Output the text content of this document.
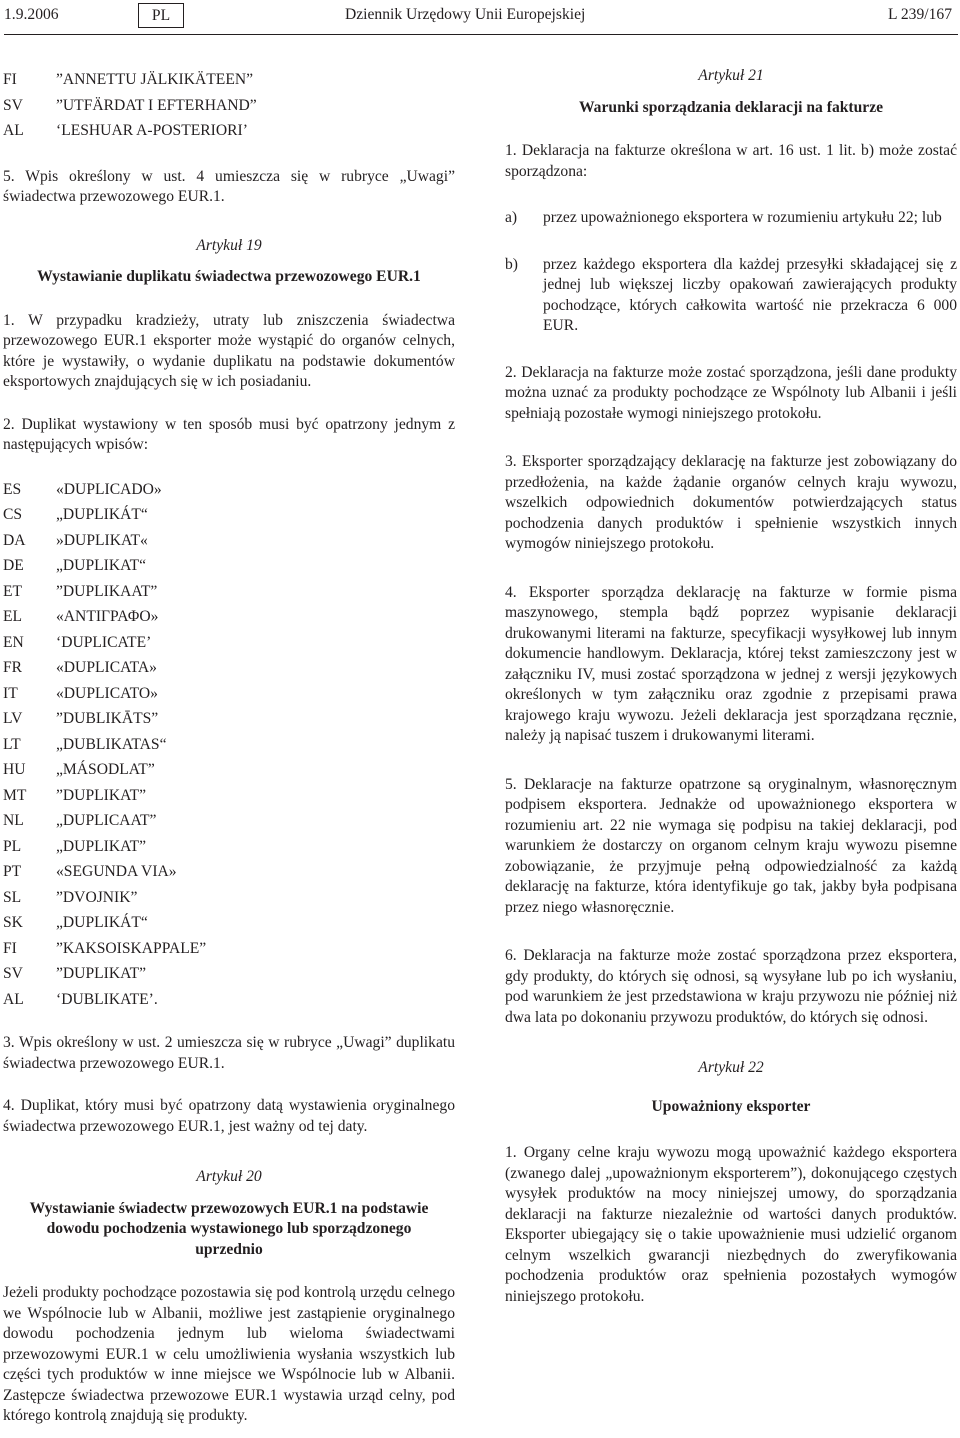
1.9.2006	PL	Dziennik Urzędowy Unii Europejskiej	L 239/167
FI	”ANNETTU JÄLKIKÄTEEN”
SV	”UTFÄRDAT I EFTERHAND”
AL	‘LESHUAR A-POSTERIORI’

5. Wpis określony w ust. 4 umieszcza się w rubryce „Uwagi” świadectwa przewozowego EUR.1.

Artykuł 19
Wystawianie duplikatu świadectwa przewozowego EUR.1

1. W przypadku kradzieży, utraty lub zniszczenia świadectwa przewozowego EUR.1 eksporter może wystąpić do organów celnych, które je wystawiły, o wydanie duplikatu na podstawie dokumentów eksportowych znajdujących się w ich posiadaniu.

2. Duplikat wystawiony w ten sposób musi być opatrzony jednym z następujących wpisów:

ES	«DUPLICADO»
CS	„DUPLIKÁT“
DA	»DUPLIKAT«
DE	„DUPLIKAT“
ET	”DUPLIKAAT”
EL	«ΑΝΤΙΓΡΑΦΟ»
EN	‘DUPLICATE’
FR	«DUPLICATA»
IT	«DUPLICATO»
LV	”DUBLIKĀTS”
LT	„DUBLIKATAS“
HU	„MÁSODLAT”
MT	”DUPLIKAT”
NL	„DUPLICAAT”
PL	„DUPLIKAT”
PT	«SEGUNDA VIA»
SL	”DVOJNIK”
SK	„DUPLIKÁT“
FI	”KAKSOISKAPPALE”
SV	”DUPLIKAT”
AL	‘DUBLIKATE’.

3. Wpis określony w ust. 2 umieszcza się w rubryce „Uwagi” duplikatu świadectwa przewozowego EUR.1.

4. Duplikat, który musi być opatrzony datą wystawienia oryginalnego świadectwa przewozowego EUR.1, jest ważny od tej daty.

Artykuł 20
Wystawianie świadectw przewozowych EUR.1 na podstawie dowodu pochodzenia wystawionego lub sporządzonego uprzednio

Jeżeli produkty pochodzące pozostawia się pod kontrolą urzędu celnego we Wspólnocie lub w Albanii, możliwe jest zastąpienie oryginalnego dowodu pochodzenia jednym lub wieloma świadectwami przewozowymi EUR.1 w celu umożliwienia wysłania wszystkich lub części tych produktów w inne miejsce we Wspólnocie lub w Albanii. Zastępcze świadectwa przewozowe EUR.1 wystawia urząd celny, pod którego kontrolą znajdują się produkty.

Artykuł 21
Warunki sporządzania deklaracji na fakturze

1. Deklaracja na fakturze określona w art. 16 ust. 1 lit. b) może zostać sporządzona:

a)	przez upoważnionego eksportera w rozumieniu artykułu 22; lub
b)	przez każdego eksportera dla każdej przesyłki składającej się z jednej lub większej liczby opakowań zawierających produkty pochodzące, których całkowita wartość nie przekracza 6 000 EUR.

2. Deklaracja na fakturze może zostać sporządzona, jeśli dane produkty można uznać za produkty pochodzące ze Wspólnoty lub Albanii i jeśli spełniają pozostałe wymogi niniejszego protokołu.

3. Eksporter sporządzający deklarację na fakturze jest zobowiązany do przedłożenia, na każde żądanie organów celnych kraju wywozu, wszelkich odpowiednich dokumentów potwierdzających status pochodzenia danych produktów i spełnienie wszystkich innych wymogów niniejszego protokołu.

4. Eksporter sporządza deklarację na fakturze w formie pisma maszynowego, stempla bądź poprzez wypisanie deklaracji drukowanymi literami na fakturze, specyfikacji wysyłkowej lub innym dokumencie handlowym. Deklaracja, której tekst zamieszczony jest w załączniku IV, musi zostać sporządzona w jednej z wersji językowych określonych w tym załączniku oraz zgodnie z przepisami prawa krajowego kraju wywozu. Jeżeli deklaracja jest sporządzana ręcznie, należy ją napisać tuszem i drukowanymi literami.

5. Deklaracje na fakturze opatrzone są oryginalnym, własnoręcznym podpisem eksportera. Jednakże od upoważnionego eksportera w rozumieniu art. 22 nie wymaga się podpisu na takiej deklaracji, pod warunkiem że dostarczy on organom celnym kraju wywozu pisemne zobowiązanie, że przyjmuje pełną odpowiedzialność za każdą deklarację na fakturze, która identyfikuje go tak, jakby była podpisana przez niego własnoręcznie.

6. Deklaracja na fakturze może zostać sporządzona przez eksportera, gdy produkty, do których się odnosi, są wysyłane lub po ich wysłaniu, pod warunkiem że jest przedstawiona w kraju przywozu nie później niż dwa lata po dokonaniu przywozu produktów, do których się odnosi.

Artykuł 22
Upoważniony eksporter

1. Organy celne kraju wywozu mogą upoważnić każdego eksportera (zwanego dalej „upoważnionym eksporterem”), dokonującego częstych wysyłek produktów na mocy niniejszej umowy, do sporządzania deklaracji na fakturze niezależnie od wartości danych produktów. Eksporter ubiegający się o takie upoważnienie musi udzielić organom celnym wszelkich gwarancji niezbędnych do zweryfikowania pochodzenia produktów oraz spełnienia pozostałych wymogów niniejszego protokołu.
